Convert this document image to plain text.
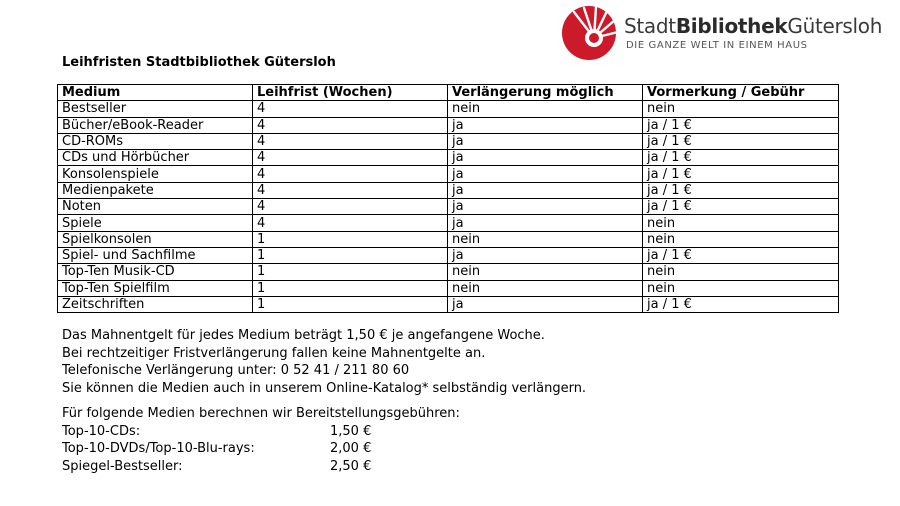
StadtBibliothekGütersloh
DIE GANZE WELT IN EINEM HAUS
Leihfristen Stadtbibliothek Gütersloh
Medium	Leihfrist (Wochen)	Verlängerung möglich	Vormerkung / Gebühr
Bestseller	4	nein	nein
Bücher/eBook-Reader	4	ja	ja / 1 €
CD-ROMs	4	ja	ja / 1 €
CDs und Hörbücher	4	ja	ja / 1 €
Konsolenspiele	4	ja	ja / 1 €
Medienpakete	4	ja	ja / 1 €
Noten	4	ja	ja / 1 €
Spiele	4	ja	nein
Spielkonsolen	1	nein	nein
Spiel- und Sachfilme	1	ja	ja / 1 €
Top-Ten Musik-CD	1	nein	nein
Top-Ten Spielfilm	1	nein	nein
Zeitschriften	1	ja	ja / 1 €

Das Mahnentgelt für jedes Medium beträgt 1,50 € je angefangene Woche.

Bei rechtzeitiger Fristverlängerung fallen keine Mahnentgelte an.

Telefonische Verlängerung unter: 0 52 41 / 211 80 60

Sie können die Medien auch in unserem Online-Katalog* selbständig verlängern.

Für folgende Medien berechnen wir Bereitstellungsgebühren:

Top-10-CDs:	1,50 €
Top-10-DVDs/Top-10-Blu-rays:	2,00 €
Spiegel-Bestseller:	2,50 €
